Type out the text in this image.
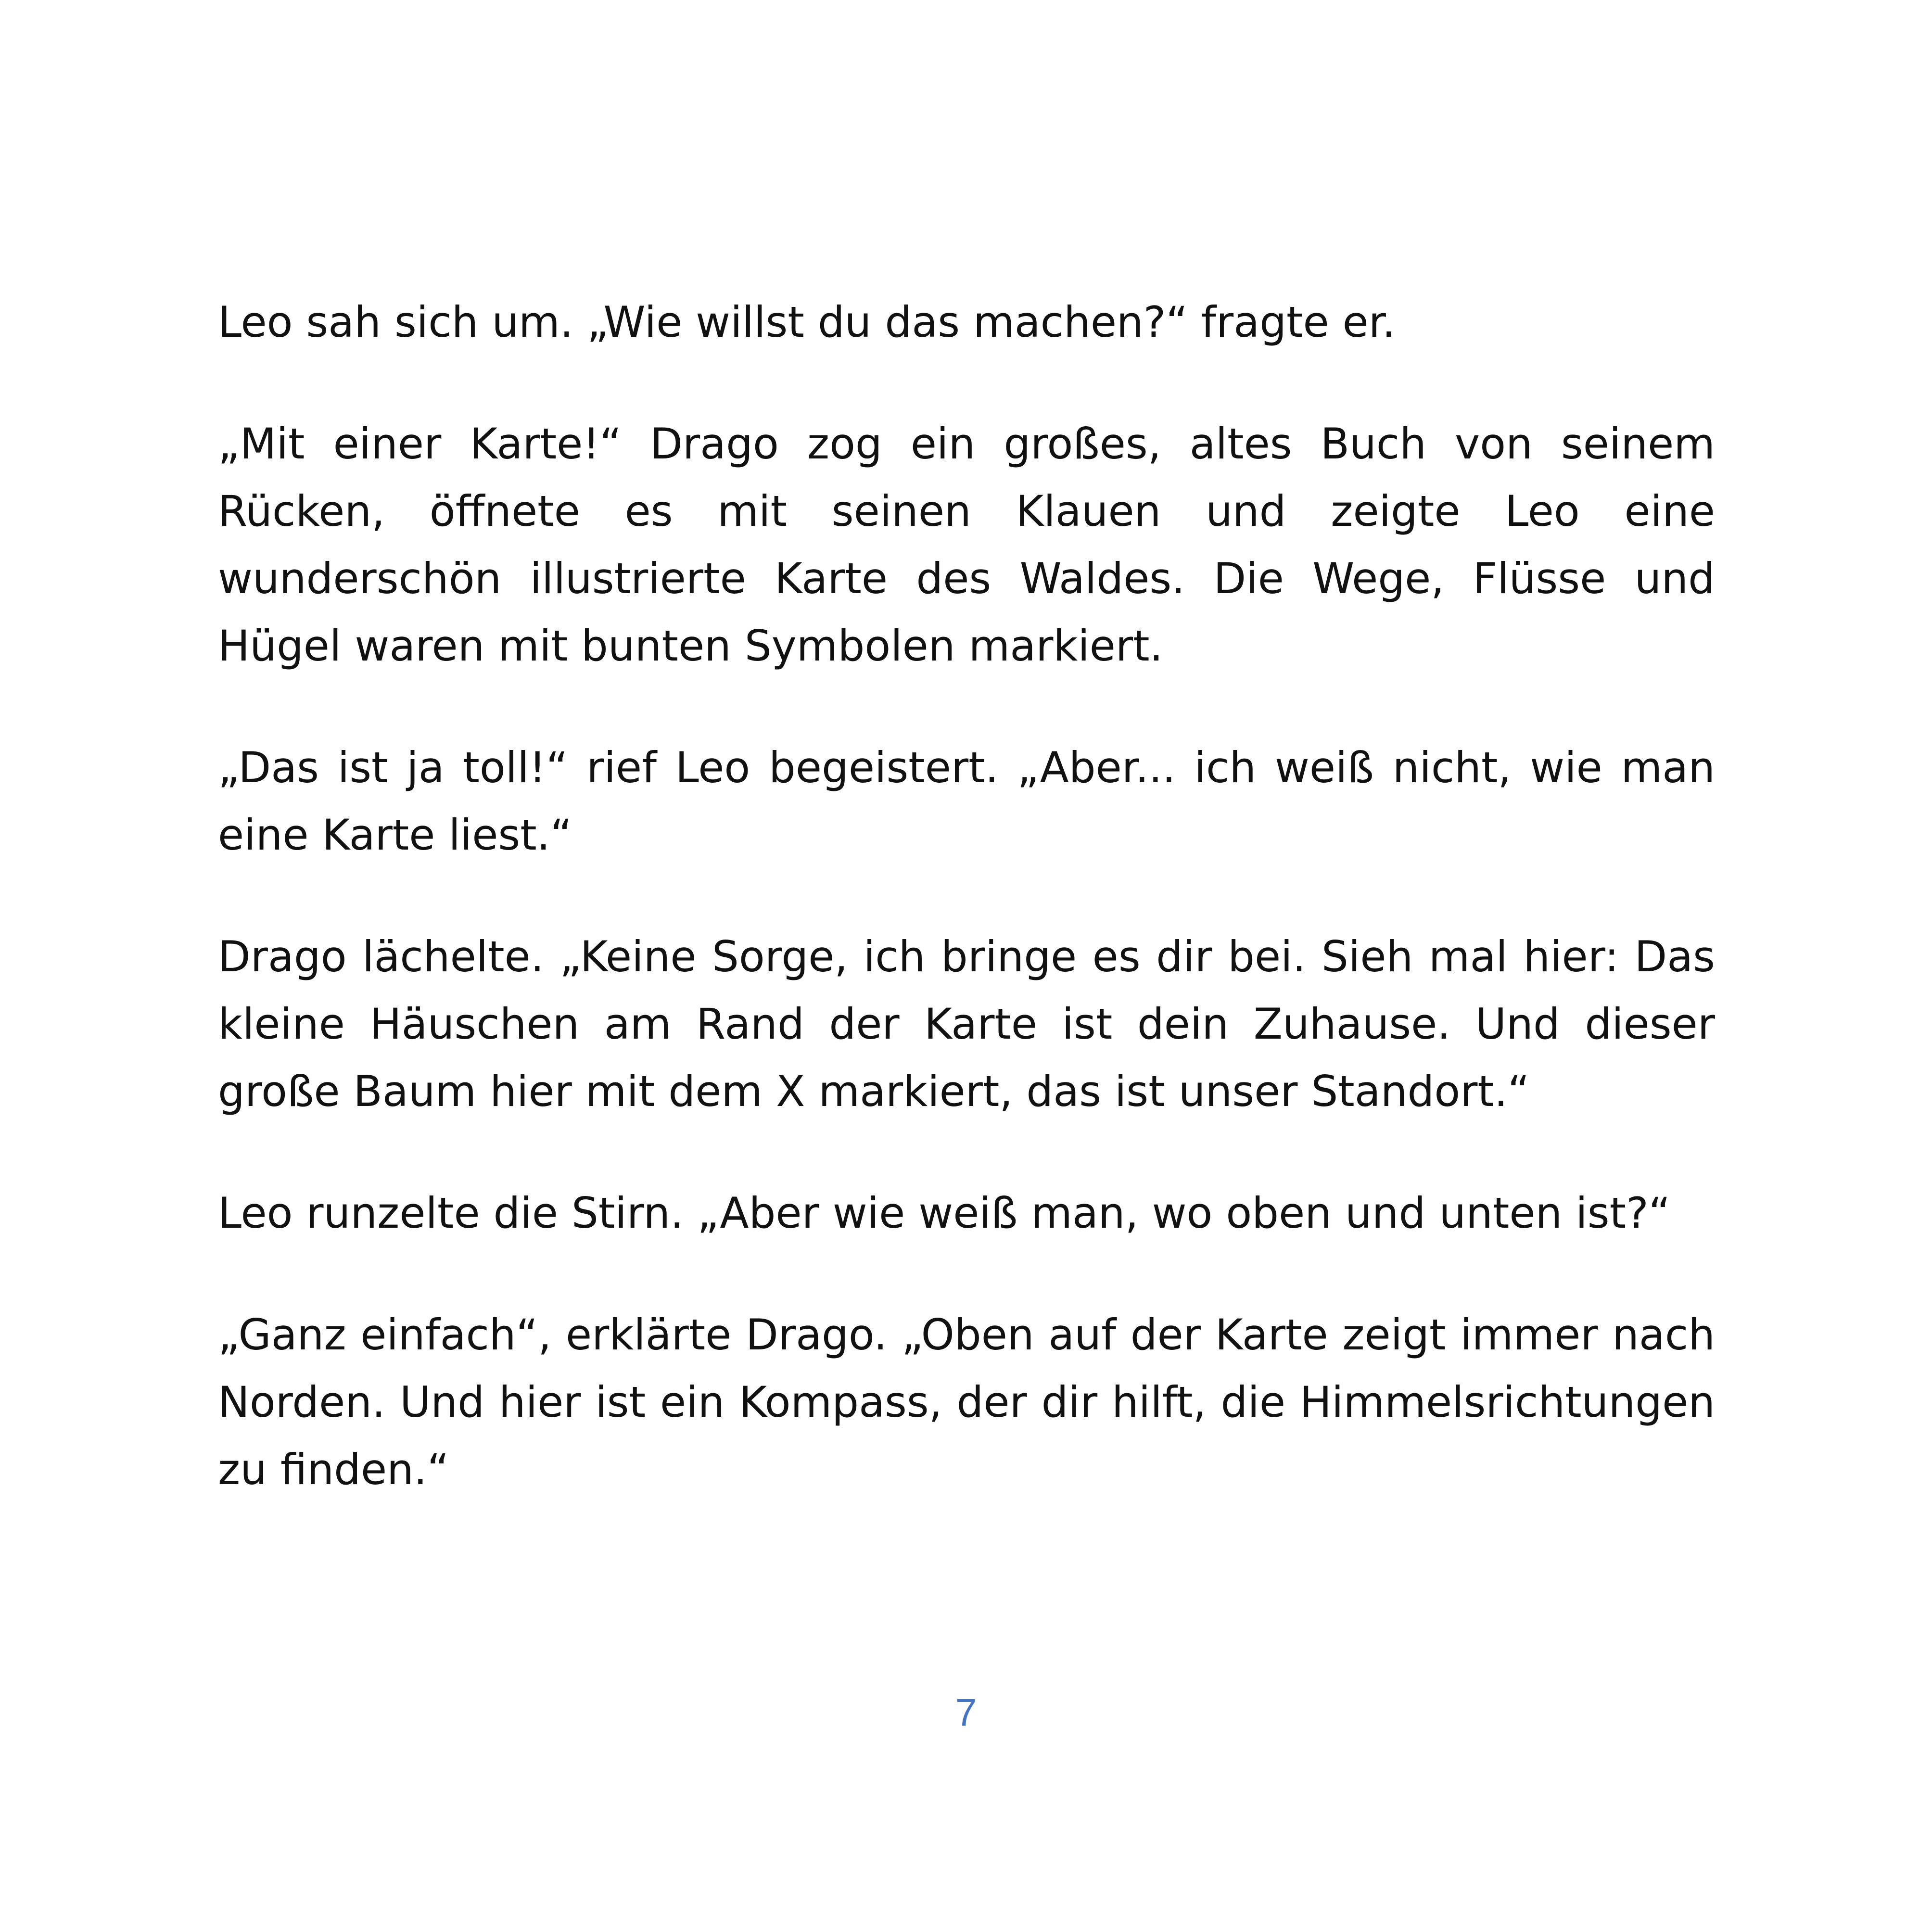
Leo sah sich um. „Wie willst du das machen?“ fragte er.

„Mit einer Karte!“ Drago zog ein großes, altes Buch von seinem Rücken, öffnete es mit seinen Klauen und zeigte Leo eine wunderschön illustrierte Karte des Waldes. Die Wege, Flüsse und Hügel waren mit bunten Symbolen markiert.

„Das ist ja toll!“ rief Leo begeistert. „Aber... ich weiß nicht, wie man eine Karte liest.“

Drago lächelte. „Keine Sorge, ich bringe es dir bei. Sieh mal hier: Das kleine Häuschen am Rand der Karte ist dein Zuhause. Und dieser große Baum hier mit dem X markiert, das ist unser Standort.“

Leo runzelte die Stirn. „Aber wie weiß man, wo oben und unten ist?“

„Ganz einfach“, erklärte Drago. „Oben auf der Karte zeigt immer nach Norden. Und hier ist ein Kompass, der dir hilft, die Himmelsrichtungen zu finden.“

7
